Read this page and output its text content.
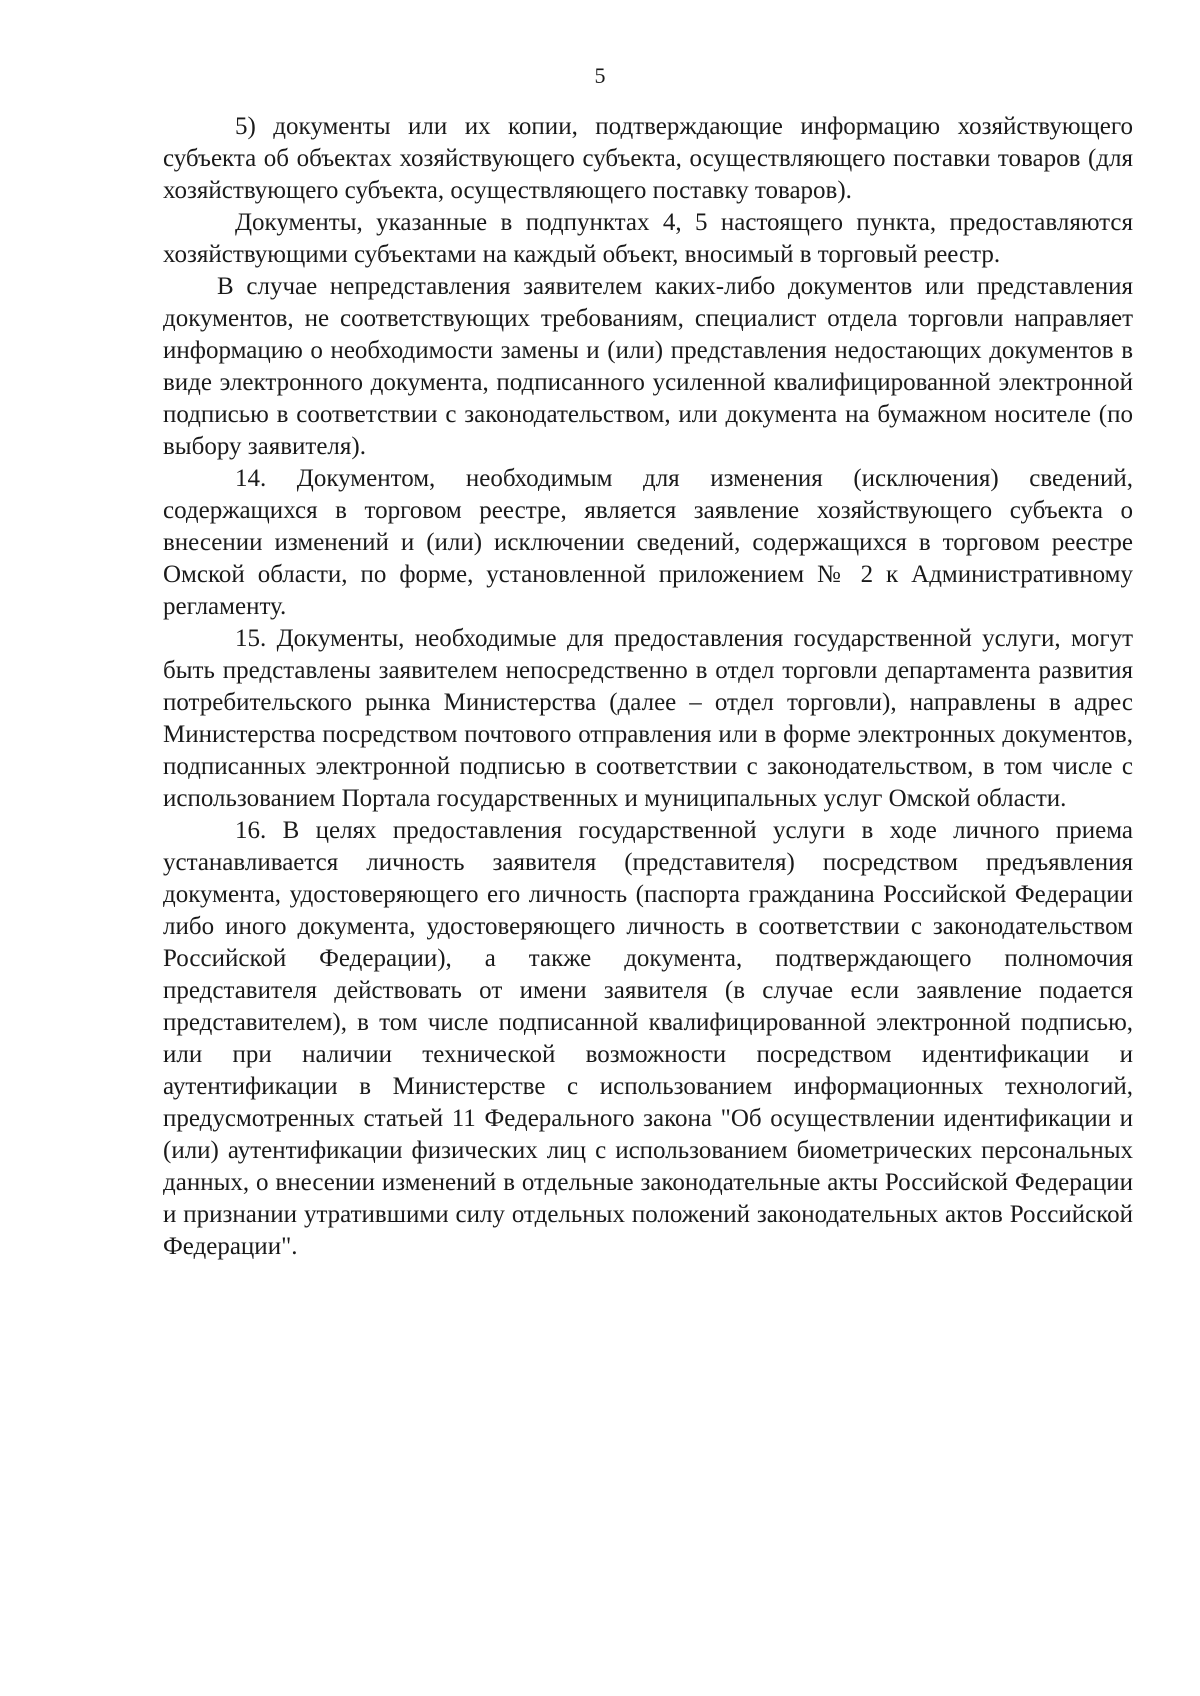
5

5) документы или их копии, подтверждающие информацию хозяйствующего субъекта об объектах хозяйствующего субъекта, осуществляющего поставки товаров (для хозяйствующего субъекта, осуществляющего поставку товаров).

Документы, указанные в подпунктах 4, 5 настоящего пункта, предоставляются хозяйствующими субъектами на каждый объект, вносимый в торговый реестр.

В случае непредставления заявителем каких-либо документов или представления документов, не соответствующих требованиям, специалист отдела торговли направляет информацию о необходимости замены и (или) представления недостающих документов в виде электронного документа, подписанного усиленной квалифицированной электронной подписью в соответствии с законодательством, или документа на бумажном носителе (по выбору заявителя).

14. Документом, необходимым для изменения (исключения) сведений, содержащихся в торговом реестре, является заявление хозяйствующего субъекта о внесении изменений и (или) исключении сведений, содержащихся в торговом реестре Омской области, по форме, установленной приложением № 2 к Административному регламенту.

15. Документы, необходимые для предоставления государственной услуги, могут быть представлены заявителем непосредственно в отдел торговли департамента развития потребительского рынка Министерства (далее – отдел торговли), направлены в адрес Министерства посредством почтового отправления или в форме электронных документов, подписанных электронной подписью в соответствии с законодательством, в том числе с использованием Портала государственных и муниципальных услуг Омской области.

16. В целях предоставления государственной услуги в ходе личного приема устанавливается личность заявителя (представителя) посредством предъявления документа, удостоверяющего его личность (паспорта гражданина Российской Федерации либо иного документа, удостоверяющего личность в соответствии с законодательством Российской Федерации), а также документа, подтверждающего полномочия представителя действовать от имени заявителя (в случае если заявление подается представителем), в том числе подписанной квалифицированной электронной подписью, или при наличии технической возможности посредством идентификации и аутентификации в Министерстве с использованием информационных технологий, предусмотренных статьей 11 Федерального закона "Об осуществлении идентификации и (или) аутентификации физических лиц с использованием биометрических персональных данных, о внесении изменений в отдельные законодательные акты Российской Федерации и признании утратившими силу отдельных положений законодательных актов Российской Федерации".
